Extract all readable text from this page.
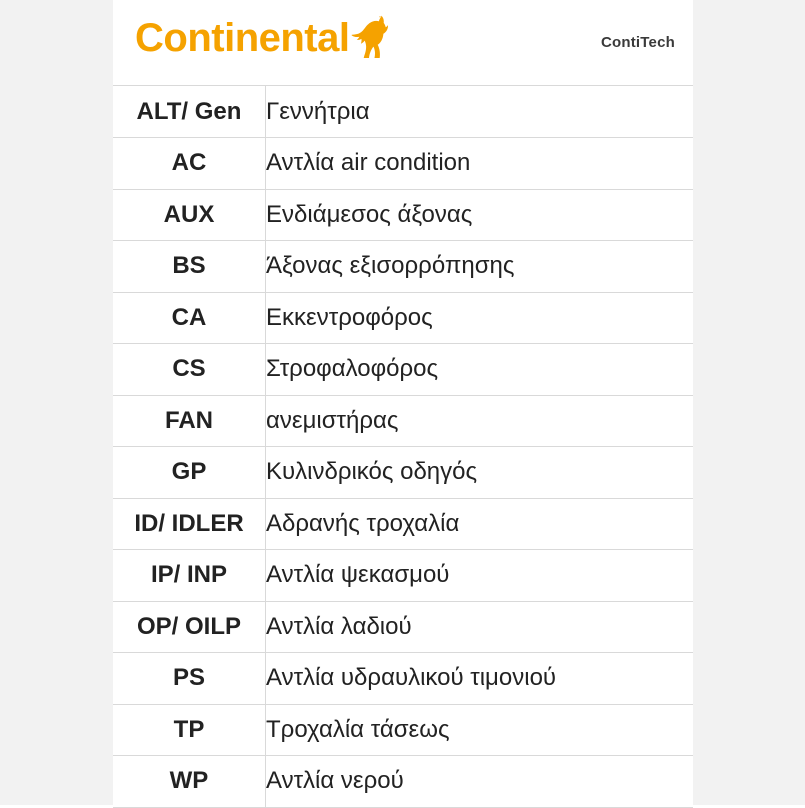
Continental	ContiTech
ALT/ Gen	Γεννήτρια
AC	Αντλία air condition
AUX	Ενδιάμεσος άξονας
BS	Άξονας εξισορρόπησης
CA	Εκκεντροφόρος
CS	Στροφαλοφόρος
FAN	ανεμιστήρας
GP	Κυλινδρικός οδηγός
ID/ IDLER	Αδρανής τροχαλία
IP/ INP	Αντλία ψεκασμού
OP/ OILP	Αντλία λαδιού
PS	Αντλία υδραυλικού τιμονιού
TP	Τροχαλία τάσεως
WP	Αντλία νερού
